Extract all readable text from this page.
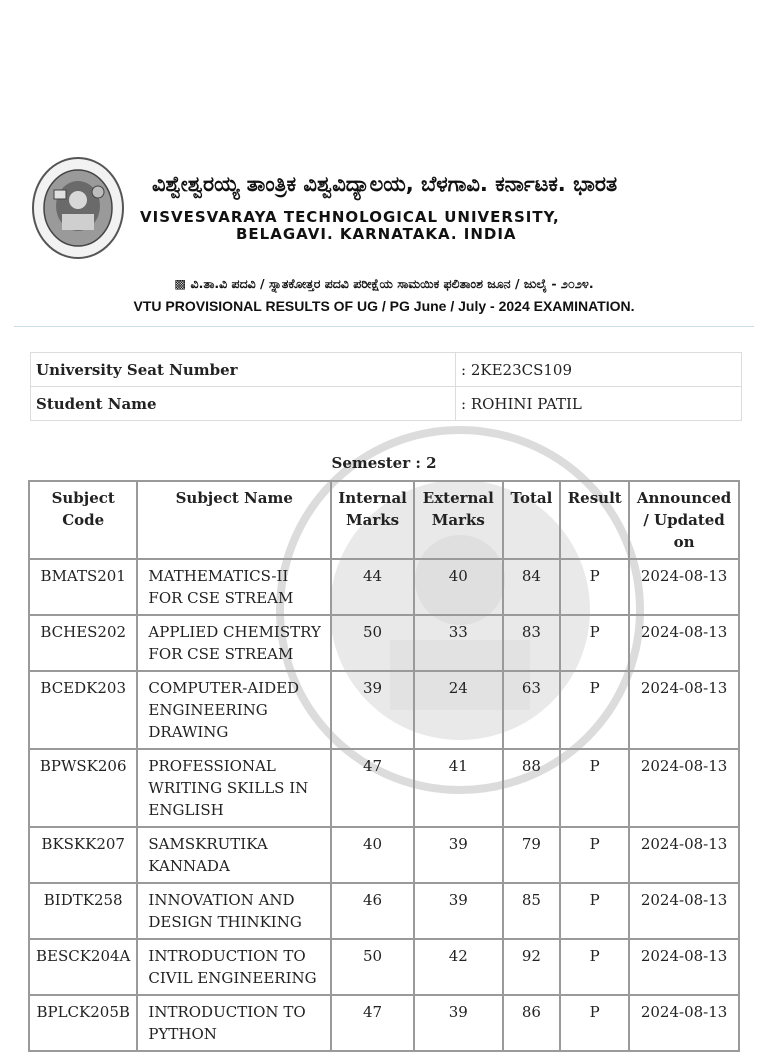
ವಿಶ್ವೇಶ್ವರಯ್ಯ ತಾಂತ್ರಿಕ ವಿಶ್ವವಿದ್ಯಾಲಯ, ಬೆಳಗಾವಿ. ಕರ್ನಾಟಕ. ಭಾರತ
VISVESVARAYA TECHNOLOGICAL UNIVERSITY,
BELAGAVI. KARNATAKA. INDIA
▩ ವಿ.ತಾ.ವಿ ಪದವಿ / ಸ್ನಾತಕೋತ್ತರ ಪದವಿ ಪರೀಕ್ಷೆಯ ಸಾಮಯಿಕ ಫಲಿತಾಂಶ ಜೂನ / ಜುಲೈ - ೨೦೨೪.
VTU PROVISIONAL RESULTS OF UG / PG June / July - 2024 EXAMINATION.
University Seat Number	: 2KE23CS109
Student Name	: ROHINI PATIL
Semester : 2
Subject Code	Subject Name	Internal Marks	External Marks	Total	Result	Announced / Updated on
BMATS201	MATHEMATICS-II FOR CSE STREAM	44	40	84	P	2024-08-13
BCHES202	APPLIED CHEMISTRY FOR CSE STREAM	50	33	83	P	2024-08-13
BCEDK203	COMPUTER-AIDED ENGINEERING DRAWING	39	24	63	P	2024-08-13
BPWSK206	PROFESSIONAL WRITING SKILLS IN ENGLISH	47	41	88	P	2024-08-13
BKSKK207	SAMSKRUTIKA KANNADA	40	39	79	P	2024-08-13
BIDTK258	INNOVATION AND DESIGN THINKING	46	39	85	P	2024-08-13
BESCK204A	INTRODUCTION TO CIVIL ENGINEERING	50	42	92	P	2024-08-13
BPLCK205B	INTRODUCTION TO PYTHON	47	39	86	P	2024-08-13
